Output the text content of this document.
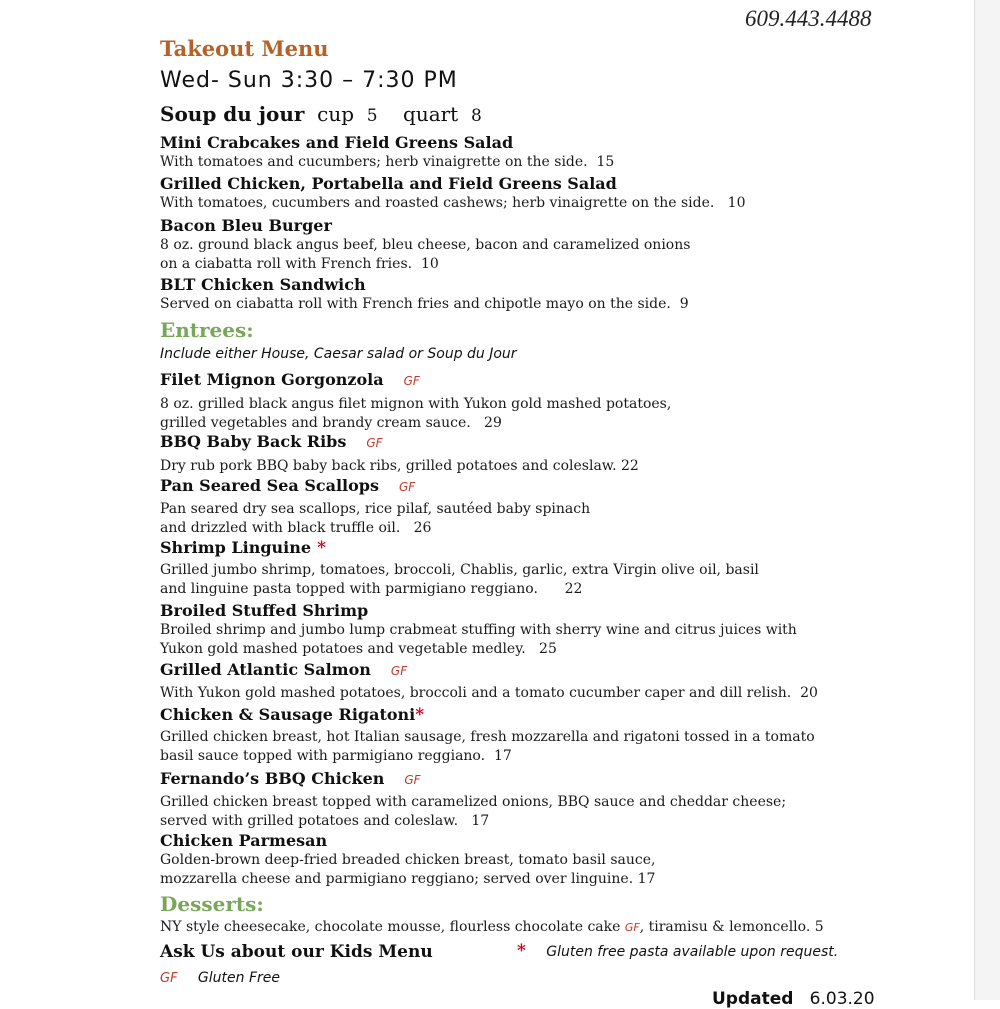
609.443.4488
Takeout Menu
Wed- Sun 3:30 – 7:30 PM
Soup du jour cup 5 quart 8
Mini Crabcakes and Field Greens Salad
With tomatoes and cucumbers; herb vinaigrette on the side.  15
Grilled Chicken, Portabella and Field Greens Salad
With tomatoes, cucumbers and roasted cashews; herb vinaigrette on the side.   10
Bacon Bleu Burger
8 oz. ground black angus beef, bleu cheese, bacon and caramelized onions
on a ciabatta roll with French fries.  10
BLT Chicken Sandwich
Served on ciabatta roll with French fries and chipotle mayo on the side.  9
Entrees:
Include either House, Caesar salad or Soup du Jour
Filet Mignon Gorgonzola GF
8 oz. grilled black angus filet mignon with Yukon gold mashed potatoes,
grilled vegetables and brandy cream sauce.   29
BBQ Baby Back Ribs GF
Dry rub pork BBQ baby back ribs, grilled potatoes and coleslaw. 22
Pan Seared Sea Scallops GF
Pan seared dry sea scallops, rice pilaf, sautéed baby spinach
and drizzled with black truffle oil.   26
Shrimp Linguine *
Grilled jumbo shrimp, tomatoes, broccoli, Chablis, garlic, extra Virgin olive oil, basil
and linguine pasta topped with parmigiano reggiano.      22
Broiled Stuffed Shrimp
Broiled shrimp and jumbo lump crabmeat stuffing with sherry wine and citrus juices with
Yukon gold mashed potatoes and vegetable medley.   25
Grilled Atlantic Salmon GF
With Yukon gold mashed potatoes, broccoli and a tomato cucumber caper and dill relish.  20
Chicken & Sausage Rigatoni*
Grilled chicken breast, hot Italian sausage, fresh mozzarella and rigatoni tossed in a tomato
basil sauce topped with parmigiano reggiano.  17
Fernando’s BBQ Chicken GF
Grilled chicken breast topped with caramelized onions, BBQ sauce and cheddar cheese;
served with grilled potatoes and coleslaw.   17
Chicken Parmesan
Golden-brown deep-fried breaded chicken breast, tomato basil sauce,
mozzarella cheese and parmigiano reggiano; served over linguine. 17
Desserts:
NY style cheesecake, chocolate mousse, flourless chocolate cake GF, tiramisu & lemoncello. 5
Ask Us about our Kids Menu	* Gluten free pasta available upon request.
GF Gluten Free
Updated 6.03.20
